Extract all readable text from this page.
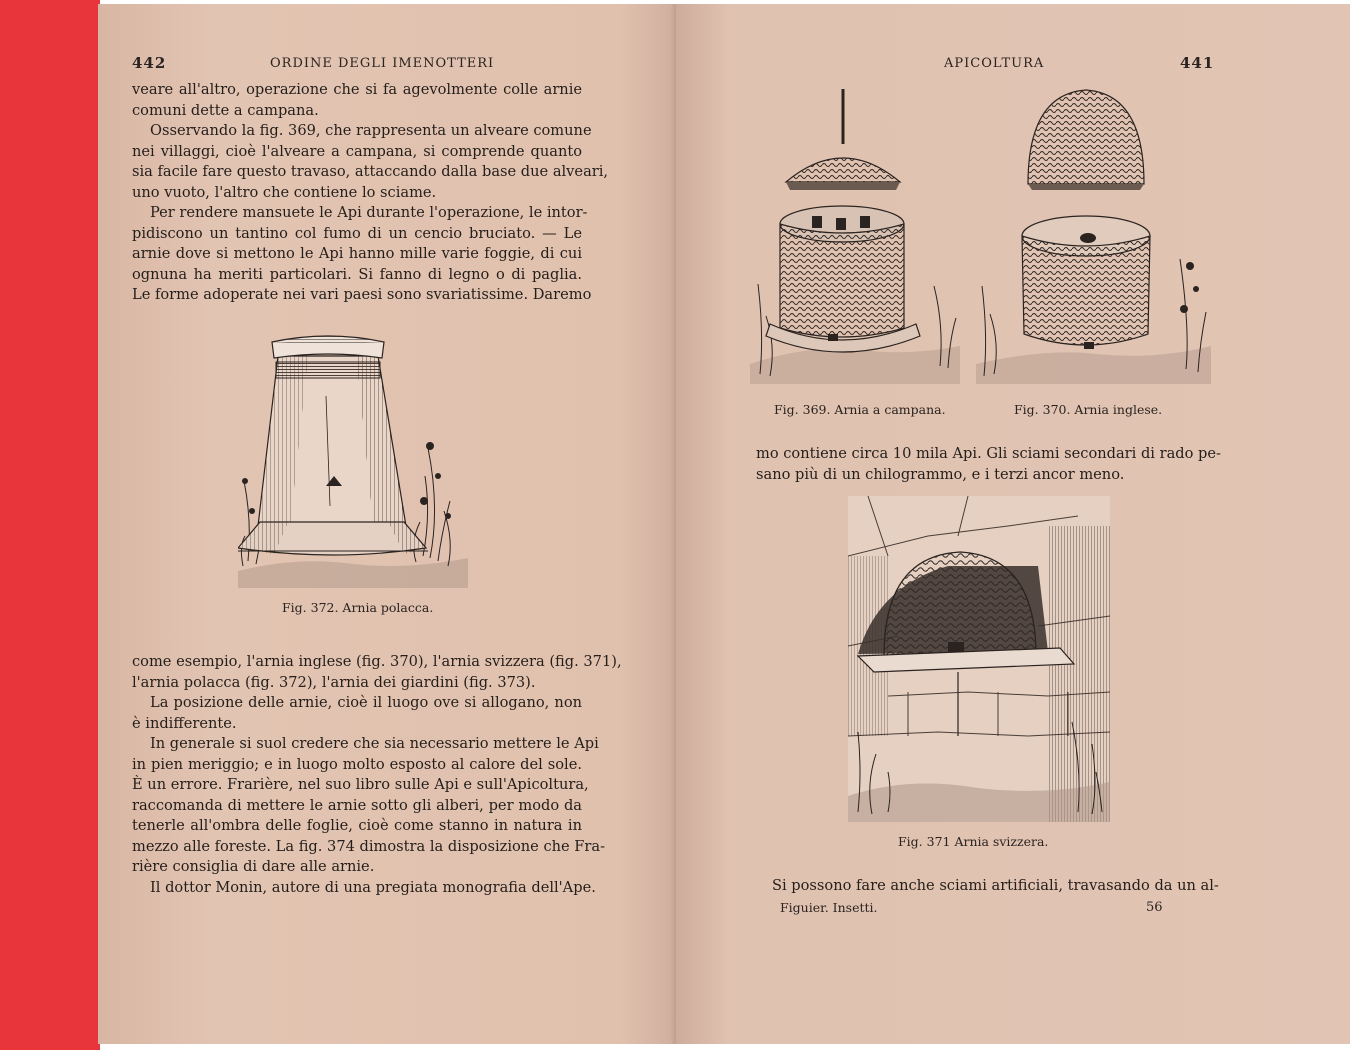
442	ORDINE DEGLI IMENOTTERI
veare all'altro, operazione che si fa agevolmente colle arnie
comuni dette a campana.
Osservando la fig. 369, che rappresenta un alveare comune
nei villaggi, cioè l'alveare a campana, si comprende quanto
sia facile fare questo travaso, attaccando dalla base due alveari,
uno vuoto, l'altro che contiene lo sciame.
Per rendere mansuete le Api durante l'operazione, le intor-
pidiscono un tantino col fumo di un cencio bruciato. — Le
arnie dove si mettono le Api hanno mille varie foggie, di cui
ognuna ha meriti particolari. Si fanno di legno o di paglia.
Le forme adoperate nei vari paesi sono svariatissime. Daremo
Fig. 372. Arnia polacca.
come esempio, l'arnia inglese (fig. 370), l'arnia svizzera (fig. 371),
l'arnia polacca (fig. 372), l'arnia dei giardini (fig. 373).
La posizione delle arnie, cioè il luogo ove si allogano, non
è indifferente.
In generale si suol credere che sia necessario mettere le Api
in pien meriggio; e in luogo molto esposto al calore del sole.
È un errore. Frarière, nel suo libro sulle Api e sull'Apicoltura,
raccomanda di mettere le arnie sotto gli alberi, per modo da
tenerle all'ombra delle foglie, cioè come stanno in natura in
mezzo alle foreste. La fig. 374 dimostra la disposizione che Fra-
rière consiglia di dare alle arnie.
Il dottor Monin, autore di una pregiata monografia dell'Ape.
APICOLTURA	441
Fig. 369. Arnia a campana.	Fig. 370. Arnia inglese.
mo contiene circa 10 mila Api. Gli sciami secondari di rado pe-
sano più di un chilogrammo, e i terzi ancor meno.
Fig. 371 Arnia svizzera.
Si possono fare anche sciami artificiali, travasando da un al-
Figuier. Insetti.	56
